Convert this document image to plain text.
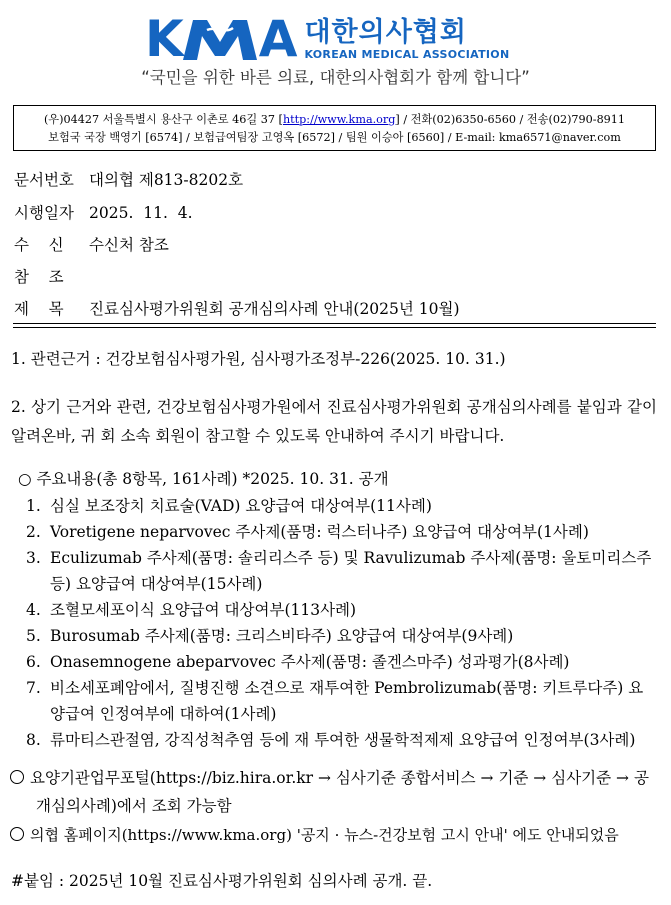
K A 대한의사협회
KOREAN MEDICAL ASSOCIATION
“국민을 위한 바른 의료, 대한의사협회가 함께 합니다”
(우)04427 서울특별시 용산구 이촌로 46길 37 [http://www.kma.org] / 전화(02)6350-6560 / 전송(02)790-8911
보험국 국장 백영기 [6574] / 보험급여팀장 고영옥 [6572] / 팀원 이승아 [6560] / E-mail: kma6571@naver.com
문서번호 대의협 제813-8202호
시행일자 2025.  11.  4.
수    신 수신처 참조
참    조
제    목 진료심사평가위원회 공개심의사례 안내(2025년 10월)
1. 관련근거 : 건강보험심사평가원, 심사평가조정부-226(2025. 10. 31.)
2. 상기 근거와 관련, 건강보험심사평가원에서 진료심사평가위원회 공개심의사례를 붙임과 같이 알려온바, 귀 회 소속 회원이 참고할 수 있도록 안내하여 주시기 바랍니다.
○ 주요내용(총 8항목, 161사례) *2025. 10. 31. 공개
1. 심실 보조장치 치료술(VAD) 요양급여 대상여부(11사례)
2. Voretigene neparvovec 주사제(품명: 럭스터나주) 요양급여 대상여부(1사례)
3. Eculizumab 주사제(품명: 솔리리스주 등) 및 Ravulizumab 주사제(품명: 울토미리스주 등) 요양급여 대상여부(15사례)
4. 조혈모세포이식 요양급여 대상여부(113사례)
5. Burosumab 주사제(품명: 크리스비타주) 요양급여 대상여부(9사례)
6. Onasemnogene abeparvovec 주사제(품명: 졸겐스마주) 성과평가(8사례)
7. 비소세포폐암에서, 질병진행 소견으로 재투여한 Pembrolizumab(품명: 키트루다주) 요양급여 인정여부에 대하여(1사례)
8. 류마티스관절염, 강직성척추염 등에 재 투여한 생물학적제제 요양급여 인정여부(3사례)
요양기관업무포털(https://biz.hira.or.kr → 심사기준 종합서비스 → 기준 → 심사기준 → 공개심의사례)에서 조회 가능함
의협 홈페이지(https://www.kma.org) '공지 · 뉴스-건강보험 고시 안내' 에도 안내되었음
#붙임 : 2025년 10월 진료심사평가위원회 심의사례 공개. 끝.
